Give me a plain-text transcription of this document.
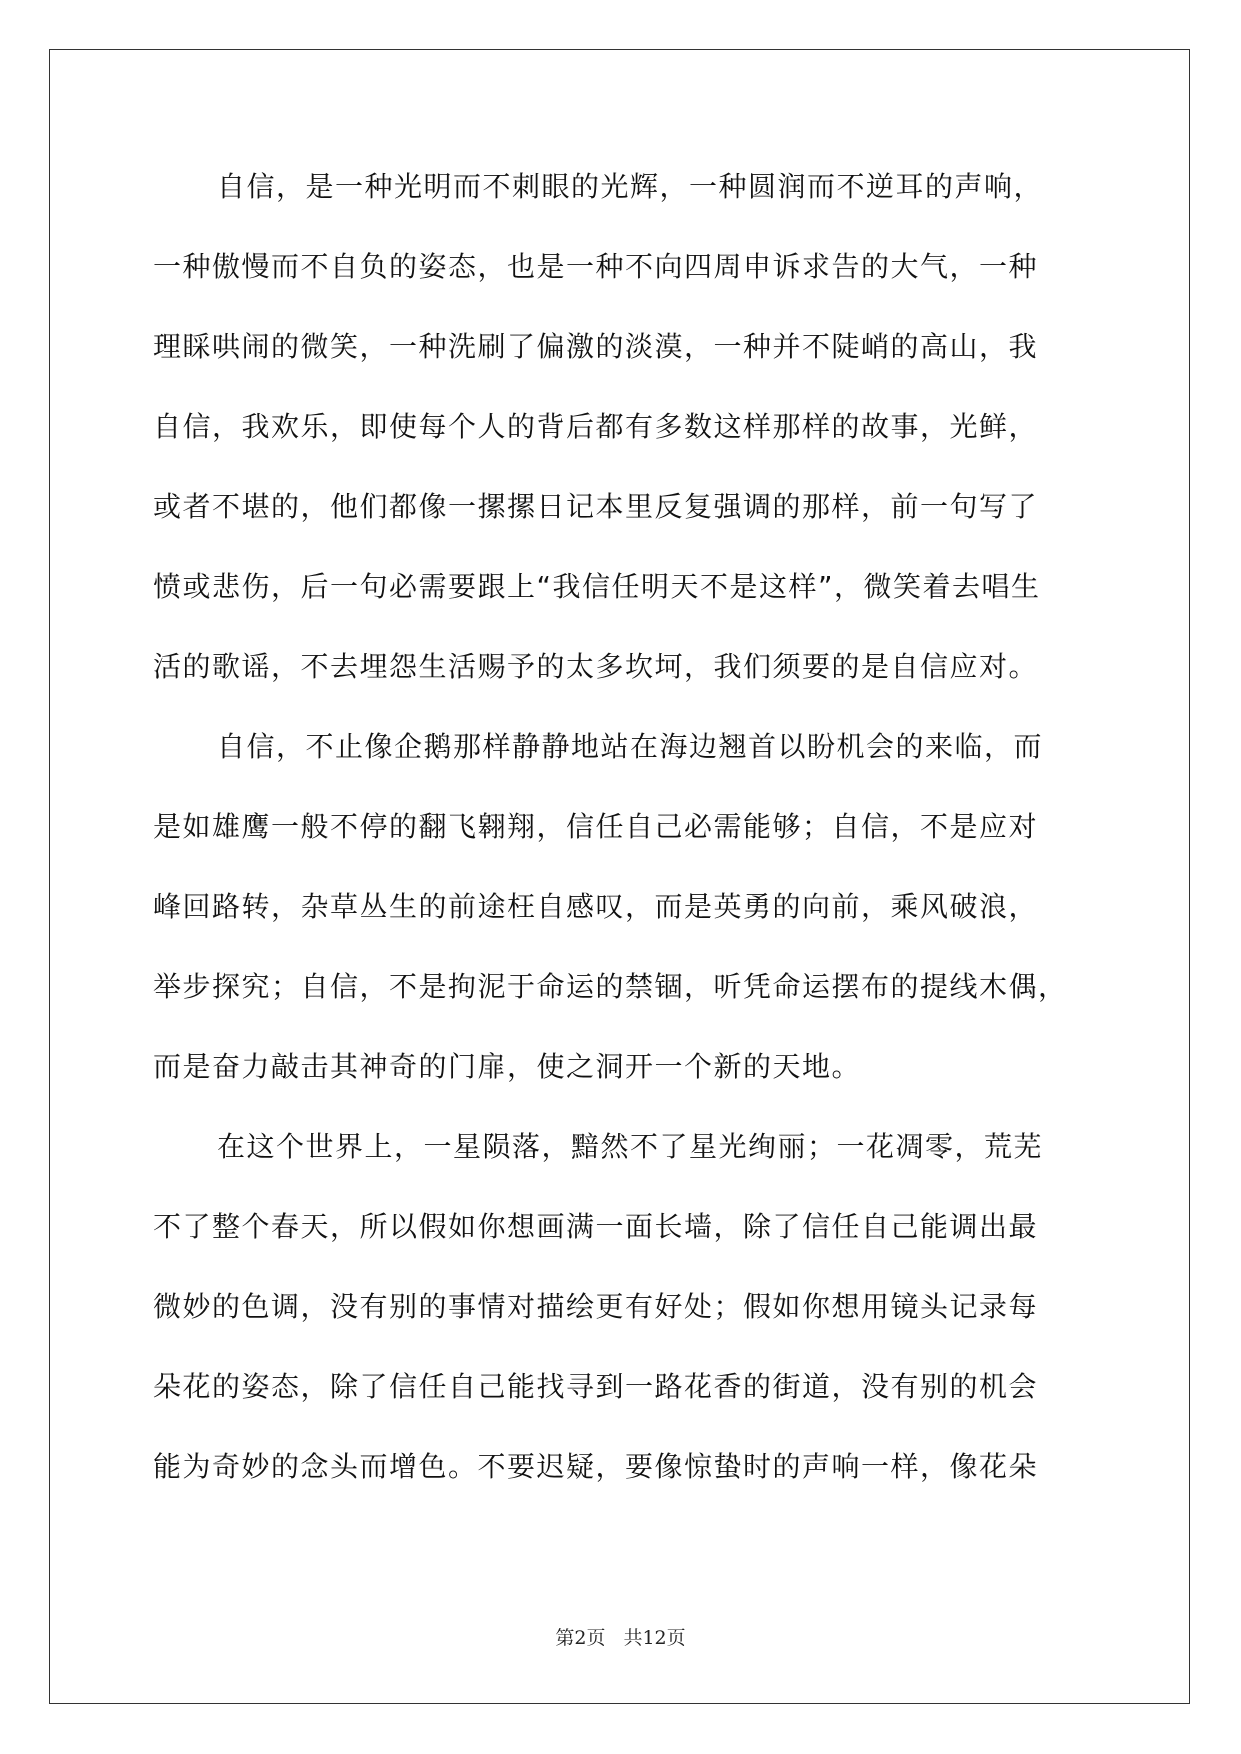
自信，是一种光明而不刺眼的光辉，一种圆润而不逆耳的声响，
一种傲慢而不自负的姿态，也是一种不向四周申诉求告的大气，一种
理睬哄闹的微笑，一种洗刷了偏激的淡漠，一种并不陡峭的高山，我
自信，我欢乐，即使每个人的背后都有多数这样那样的故事，光鲜，
或者不堪的，他们都像一摞摞日记本里反复强调的那样，前一句写了
愤或悲伤，后一句必需要跟上“我信任明天不是这样”，微笑着去唱生
活的歌谣，不去埋怨生活赐予的太多坎坷，我们须要的是自信应对。
自信，不止像企鹅那样静静地站在海边翘首以盼机会的来临，而
是如雄鹰一般不停的翻飞翱翔，信任自己必需能够；自信，不是应对
峰回路转，杂草丛生的前途枉自感叹，而是英勇的向前，乘风破浪，
举步探究；自信，不是拘泥于命运的禁锢，听凭命运摆布的提线木偶，
而是奋力敲击其神奇的门扉，使之洞开一个新的天地。
在这个世界上，一星陨落，黯然不了星光绚丽；一花凋零，荒芜
不了整个春天，所以假如你想画满一面长墙，除了信任自己能调出最
微妙的色调，没有别的事情对描绘更有好处；假如你想用镜头记录每
朵花的姿态，除了信任自己能找寻到一路花香的街道，没有别的机会
能为奇妙的念头而增色。不要迟疑，要像惊蛰时的声响一样，像花朵
第2页 共12页
